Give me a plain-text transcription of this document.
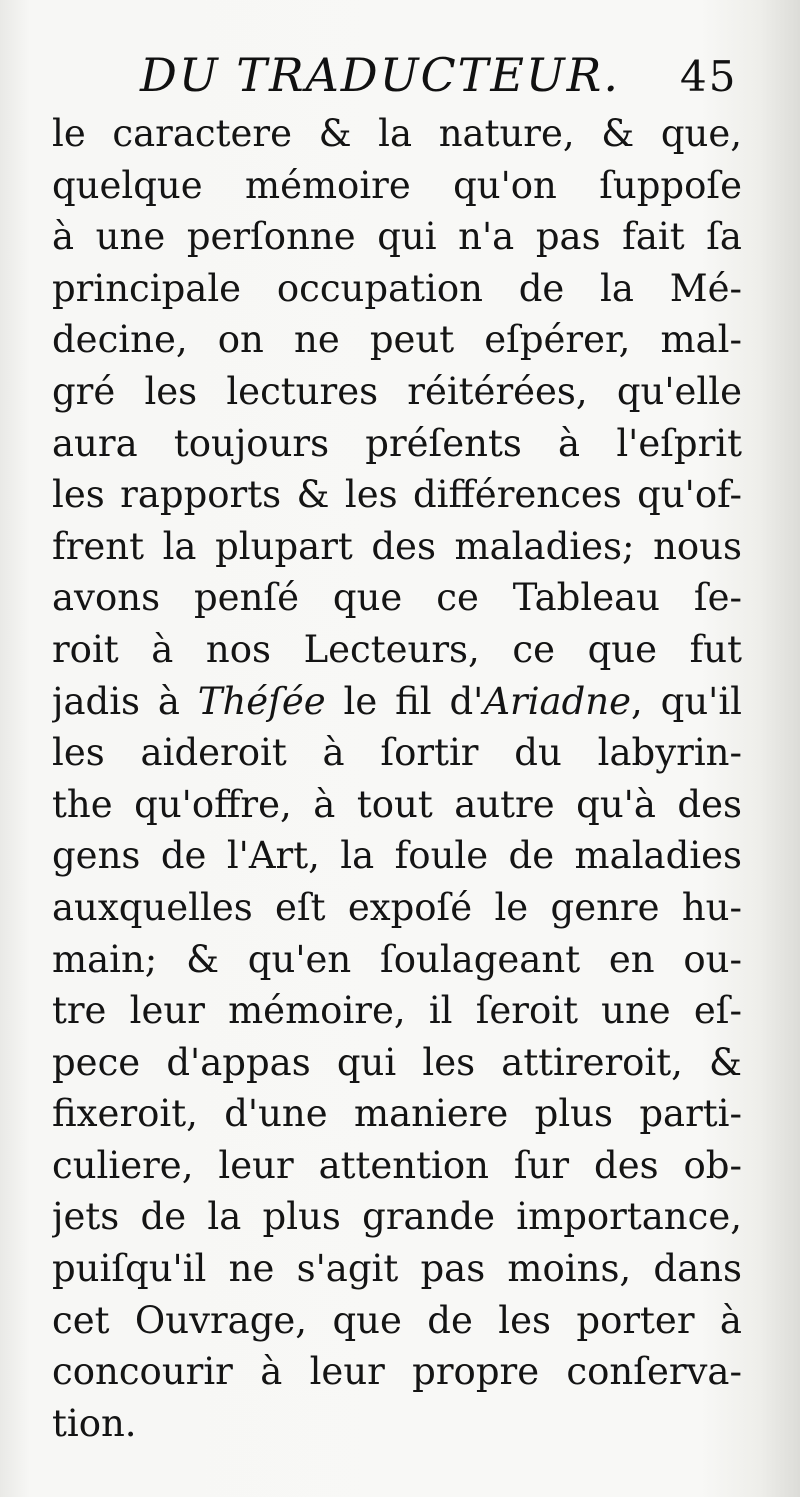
DU TRADUCTEUR. 45
le caractere & la nature, & que,
quelque mémoire qu'on ſuppoſe
à une perſonne qui n'a pas fait ſa
principale occupation de la Mé-
decine, on ne peut eſpérer, mal-
gré les lectures réitérées, qu'elle
aura toujours préſents à l'eſprit
les rapports & les différences qu'of-
frent la plupart des maladies; nous
avons penſé que ce Tableau ſe-
roit à nos Lecteurs, ce que fut
jadis à Théſée le fil d'Ariadne, qu'il
les aideroit à ſortir du labyrin-
the qu'offre, à tout autre qu'à des
gens de l'Art, la foule de maladies
auxquelles eſt expoſé le genre hu-
main; & qu'en ſoulageant en ou-
tre leur mémoire, il ſeroit une eſ-
pece d'appas qui les attireroit, &
fixeroit, d'une maniere plus parti-
culiere, leur attention ſur des ob-
jets de la plus grande importance,
puiſqu'il ne s'agit pas moins, dans
cet Ouvrage, que de les porter à
concourir à leur propre conſerva-
tion.
